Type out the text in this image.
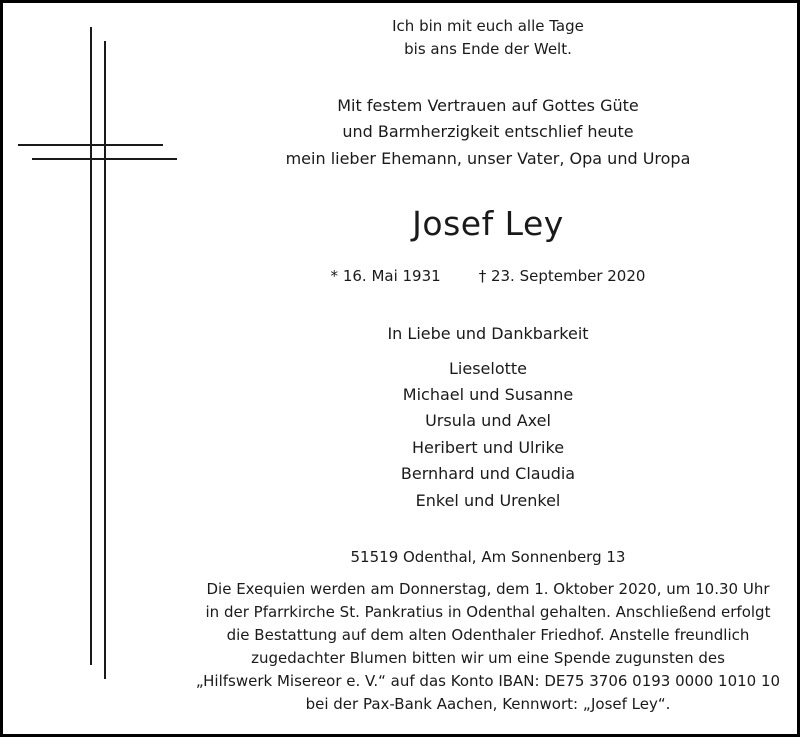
Ich bin mit euch alle Tage
bis ans Ende der Welt.
Mit festem Vertrauen auf Gottes Güte
und Barmherzigkeit entschlief heute
mein lieber Ehemann, unser Vater, Opa und Uropa
Josef Ley
* 16. Mai 1931	† 23. September 2020
In Liebe und Dankbarkeit
Lieselotte
Michael und Susanne
Ursula und Axel
Heribert und Ulrike
Bernhard und Claudia
Enkel und Urenkel
51519 Odenthal, Am Sonnenberg 13
Die Exequien werden am Donnerstag, dem 1. Oktober 2020, um 10.30 Uhr
in der Pfarrkirche St. Pankratius in Odenthal gehalten. Anschließend erfolgt
die Bestattung auf dem alten Odenthaler Friedhof. Anstelle freundlich
zugedachter Blumen bitten wir um eine Spende zugunsten des
„Hilfswerk Misereor e. V.“ auf das Konto IBAN: DE75 3706 0193 0000 1010 10
bei der Pax-Bank Aachen, Kennwort: „Josef Ley“.
